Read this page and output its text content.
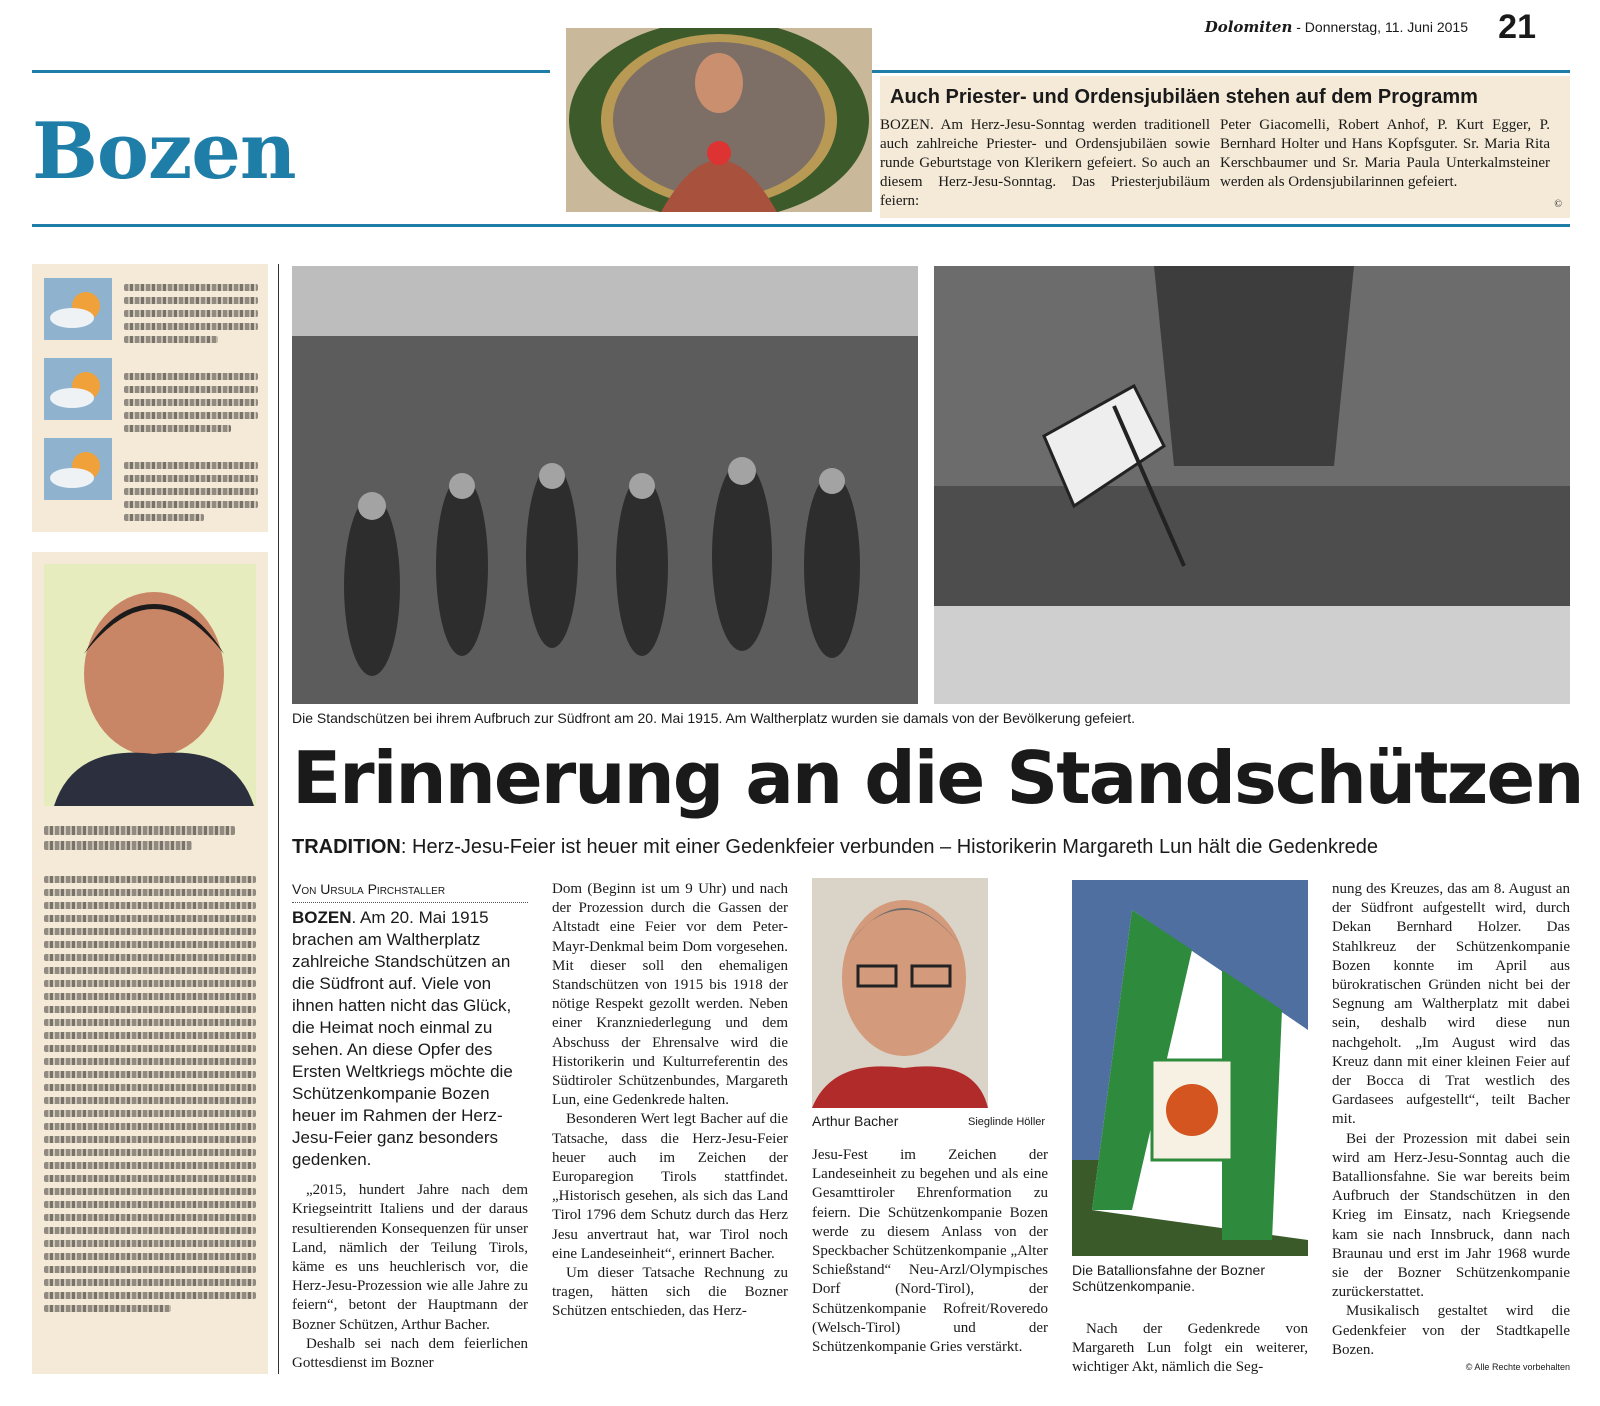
Dolomiten - Donnerstag, 11. Juni 2015 21
Bozen
Auch Priester- und Ordensjubiläen stehen auf dem Programm
BOZEN. Am Herz-Jesu-Sonntag werden traditionell auch zahlreiche Priester- und Ordensjubiläen sowie runde Geburtstage von Klerikern gefeiert. So auch an diesem Herz-Jesu-Sonntag. Das Priesterjubiläum feiern:
Peter Giacomelli, Robert Anhof, P. Kurt Egger, P. Bernhard Holter und Hans Kopfsguter. Sr. Maria Rita Kerschbaumer und Sr. Maria Paula Unterkalmsteiner werden als Ordensjubilarinnen gefeiert.
©
Die Standschützen bei ihrem Aufbruch zur Südfront am 20. Mai 1915. Am Waltherplatz wurden sie damals von der Bevölkerung gefeiert.
Erinnerung an die Standschützen
TRADITION: Herz-Jesu-Feier ist heuer mit einer Gedenkfeier verbunden – Historikerin Margareth Lun hält die Gedenkrede
Von Ursula Pirchstaller

BOZEN. Am 20. Mai 1915 brachen am Waltherplatz zahlreiche Standschützen an die Südfront auf. Viele von ihnen hatten nicht das Glück, die Heimat noch einmal zu sehen. An diese Opfer des Ersten Weltkriegs möchte die Schützenkompanie Bozen heuer im Rahmen der Herz-Jesu-Feier ganz besonders gedenken.

„2015, hundert Jahre nach dem Kriegseintritt Italiens und der daraus resultierenden Konsequenzen für unser Land, nämlich der Teilung Tirols, käme es uns heuchlerisch vor, die Herz-Jesu-Prozession wie alle Jahre zu feiern“, betont der Hauptmann der Bozner Schützen, Arthur Bacher.

Deshalb sei nach dem feierlichen Gottesdienst im Bozner

Dom (Beginn ist um 9 Uhr) und nach der Prozession durch die Gassen der Altstadt eine Feier vor dem Peter-Mayr-Denkmal beim Dom vorgesehen. Mit dieser soll den ehemaligen Standschützen von 1915 bis 1918 der nötige Respekt gezollt werden. Neben einer Kranzniederlegung und dem Abschuss der Ehrensalve wird die Historikerin und Kulturreferentin des Südtiroler Schützenbundes, Margareth Lun, eine Gedenkrede halten.

Besonderen Wert legt Bacher auf die Tatsache, dass die Herz-Jesu-Feier heuer auch im Zeichen der Europaregion Tirols stattfindet. „Historisch gesehen, als sich das Land Tirol 1796 dem Schutz durch das Herz Jesu anvertraut hat, war Tirol noch eine Landeseinheit“, erinnert Bacher.

Um dieser Tatsache Rechnung zu tragen, hätten sich die Bozner Schützen entschieden, das Herz-

Arthur Bacher	Sieglinde Höller

Jesu-Fest im Zeichen der Landeseinheit zu begehen und als eine Gesamttiroler Ehrenformation zu feiern. Die Schützenkompanie Bozen werde zu diesem Anlass von der Speckbacher Schützenkompanie „Alter Schießstand“ Neu-Arzl/Olympisches Dorf (Nord-Tirol), der Schützenkompanie Rofreit/Roveredo (Welsch-Tirol) und der Schützenkompanie Gries verstärkt.

Die Batallionsfahne der Bozner Schützenkompanie.

Nach der Gedenkrede von Margareth Lun folgt ein weiterer, wichtiger Akt, nämlich die Seg-

nung des Kreuzes, das am 8. August an der Südfront aufgestellt wird, durch Dekan Bernhard Holzer. Das Stahlkreuz der Schützenkompanie Bozen konnte im April aus bürokratischen Gründen nicht bei der Segnung am Waltherplatz mit dabei sein, deshalb wird diese nun nachgeholt. „Im August wird das Kreuz dann mit einer kleinen Feier auf der Bocca di Trat westlich des Gardasees aufgestellt“, teilt Bacher mit.

Bei der Prozession mit dabei sein wird am Herz-Jesu-Sonntag auch die Batallionsfahne. Sie war bereits beim Aufbruch der Standschützen in den Krieg im Einsatz, nach Kriegsende kam sie nach Innsbruck, dann nach Braunau und erst im Jahr 1968 wurde sie der Bozner Schützenkompanie zurückerstattet.

Musikalisch gestaltet wird die Gedenkfeier von der Stadtkapelle Bozen.

© Alle Rechte vorbehalten
